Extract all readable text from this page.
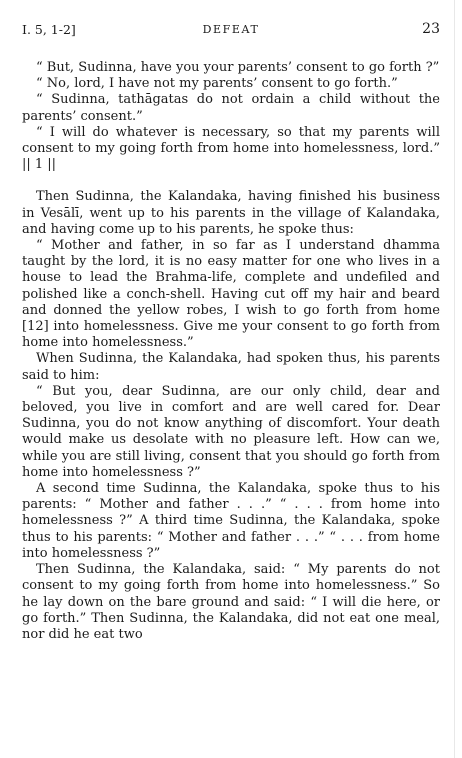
I. 5, 1-2]	DEFEAT	23

“ But, Sudinna, have you your parents’ consent to go forth ?”

“ No, lord, I have not my parents’ consent to go forth.”

“ Sudinna, tathāgatas do not ordain a child without the parents’ consent.”

“ I will do whatever is necessary, so that my parents will consent to my going forth from home into homelessness, lord.” || 1 ||

Then Sudinna, the Kalandaka, having finished his business in Vesālī, went up to his parents in the village of Kalandaka, and having come up to his parents, he spoke thus:

“ Mother and father, in so far as I understand dhamma taught by the lord, it is no easy matter for one who lives in a house to lead the Brahma-life, complete and undefiled and polished like a conch-shell. Having cut off my hair and beard and donned the yellow robes, I wish to go forth from home [12] into homelessness. Give me your consent to go forth from home into homelessness.”

When Sudinna, the Kalandaka, had spoken thus, his parents said to him:

“ But you, dear Sudinna, are our only child, dear and beloved, you live in comfort and are well cared for. Dear Sudinna, you do not know anything of discomfort. Your death would make us desolate with no pleasure left. How can we, while you are still living, consent that you should go forth from home into homelessness ?”

A second time Sudinna, the Kalandaka, spoke thus to his parents: “ Mother and father . . .” “ . . . from home into homelessness ?” A third time Sudinna, the Kalandaka, spoke thus to his parents: “ Mother and father . . .” “ . . . from home into homelessness ?”

Then Sudinna, the Kalandaka, said: “ My parents do not consent to my going forth from home into homelessness.” So he lay down on the bare ground and said: “ I will die here, or go forth.” Then Sudinna, the Kalandaka, did not eat one meal, nor did he eat two
